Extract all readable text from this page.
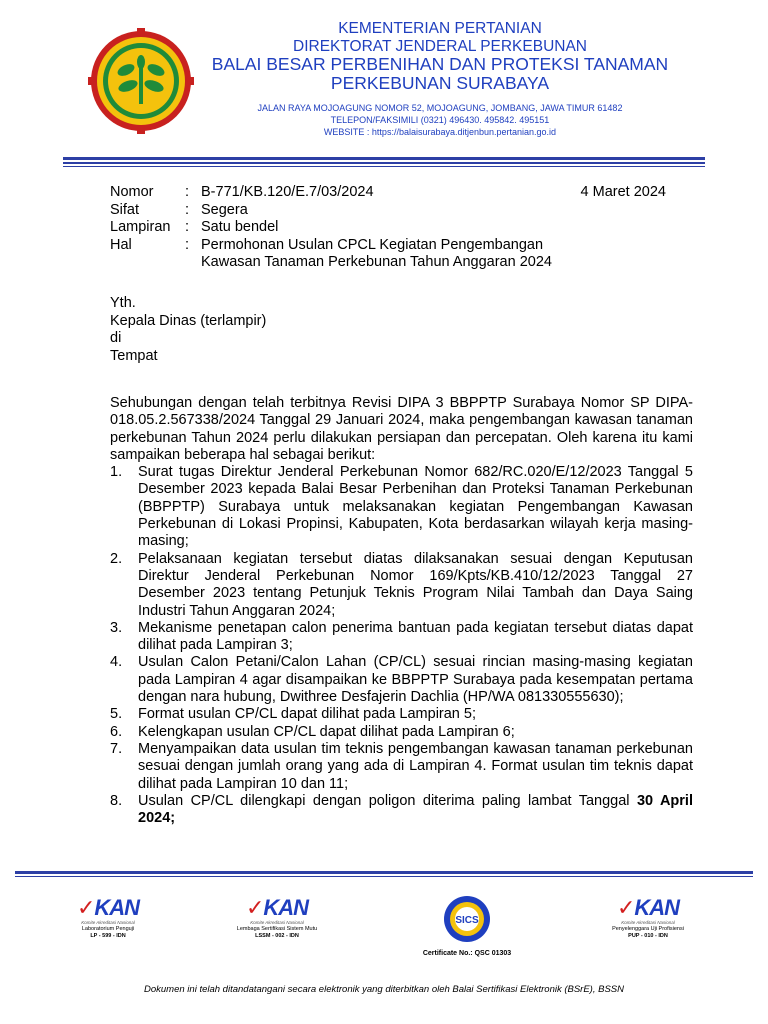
KEMENTERIAN PERTANIAN
DIREKTORAT JENDERAL PERKEBUNAN
BALAI BESAR PERBENIHAN DAN PROTEKSI TANAMAN
PERKEBUNAN SURABAYA
JALAN RAYA MOJOAGUNG NOMOR 52, MOJOAGUNG, JOMBANG, JAWA TIMUR 61482
TELEPON/FAKSIMILI (0321) 496430. 495842. 495151
WEBSITE : https://balaisurabaya.ditjenbun.pertanian.go.id
Nomor	: B-771/KB.120/E.7/03/2024
Sifat	: Segera
Lampiran	: Satu bendel
Hal	: Permohonan Usulan CPCL Kegiatan Pengembangan Kawasan Tanaman Perkebunan Tahun Anggaran 2024
4 Maret 2024
Yth.
Kepala Dinas (terlampir)
di
Tempat

Sehubungan dengan telah terbitnya Revisi DIPA 3 BBPPTP Surabaya Nomor SP DIPA-018.05.2.567338/2024 Tanggal 29 Januari 2024, maka pengembangan kawasan tanaman perkebunan Tahun 2024 perlu dilakukan persiapan dan percepatan. Oleh karena itu kami sampaikan beberapa hal sebagai berikut:

1.	Surat tugas Direktur Jenderal Perkebunan Nomor 682/RC.020/E/12/2023 Tanggal 5 Desember 2023 kepada Balai Besar Perbenihan dan Proteksi Tanaman Perkebunan (BBPPTP) Surabaya untuk melaksanakan kegiatan Pengembangan Kawasan Perkebunan di Lokasi Propinsi, Kabupaten, Kota berdasarkan wilayah kerja masing-masing;
2.	Pelaksanaan kegiatan tersebut diatas dilaksanakan sesuai dengan Keputusan Direktur Jenderal Perkebunan Nomor 169/Kpts/KB.410/12/2023 Tanggal 27 Desember 2023 tentang Petunjuk Teknis Program Nilai Tambah dan Daya Saing Industri Tahun Anggaran 2024;
3.	Mekanisme penetapan calon penerima bantuan pada kegiatan tersebut diatas dapat dilihat pada Lampiran 3;
4.	Usulan Calon Petani/Calon Lahan (CP/CL) sesuai rincian masing-masing kegiatan pada Lampiran 4 agar disampaikan ke BBPPTP Surabaya pada kesempatan pertama dengan nara hubung, Dwithree Desfajerin Dachlia (HP/WA 081330555630);
5.	Format usulan CP/CL dapat dilihat pada Lampiran 5;
6.	Kelengkapan usulan CP/CL dapat dilihat pada Lampiran 6;
7.	Menyampaikan data usulan tim teknis pengembangan kawasan tanaman perkebunan sesuai dengan jumlah orang yang ada di Lampiran 4. Format usulan tim teknis dapat dilihat pada Lampiran 10 dan 11;
8.	Usulan CP/CL dilengkapi dengan poligon diterima paling lambat Tanggal 30 April 2024;
✓KAN
Komite Akreditasi Nasional
Laboratorium Penguji
LP - 599 - IDN
✓KAN
Komite Akreditasi Nasional
Lembaga Sertifikasi Sistem Mutu
LSSM - 002 - IDN
SICS
Certificate No.: QSC 01303
✓KAN
Komite Akreditasi Nasional
Penyelenggara Uji Profisiensi
PUP - 010 - IDN
Dokumen ini telah ditandatangani secara elektronik yang diterbitkan oleh Balai Sertifikasi Elektronik (BSrE), BSSN
